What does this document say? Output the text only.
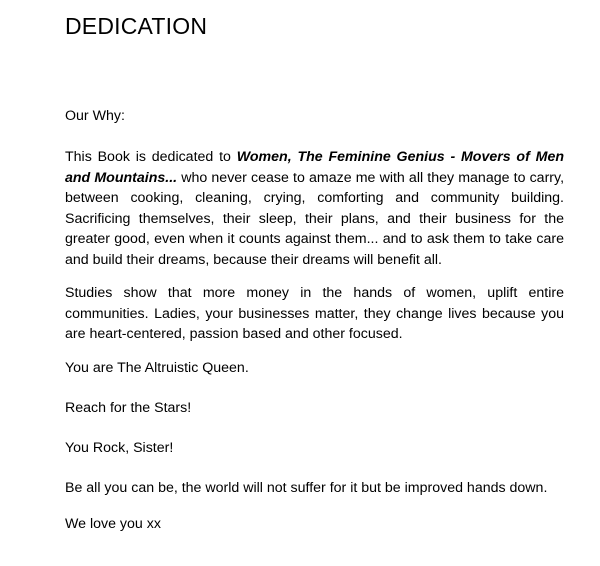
DEDICATION

Our Why:

This Book is dedicated to Women, The Feminine Genius - Movers of Men and Mountains... who never cease to amaze me with all they manage to carry, between cooking, cleaning, crying, comforting and community building. Sacrificing themselves, their sleep, their plans, and their business for the greater good, even when it counts against them... and to ask them to take care and build their dreams, because their dreams will benefit all.

Studies show that more money in the hands of women, uplift entire communities. Ladies, your businesses matter, they change lives because you are heart-centered, passion based and other focused.

You are The Altruistic Queen.

Reach for the Stars!

You Rock, Sister!

Be all you can be, the world will not suffer for it but be improved hands down.

We love you xx
